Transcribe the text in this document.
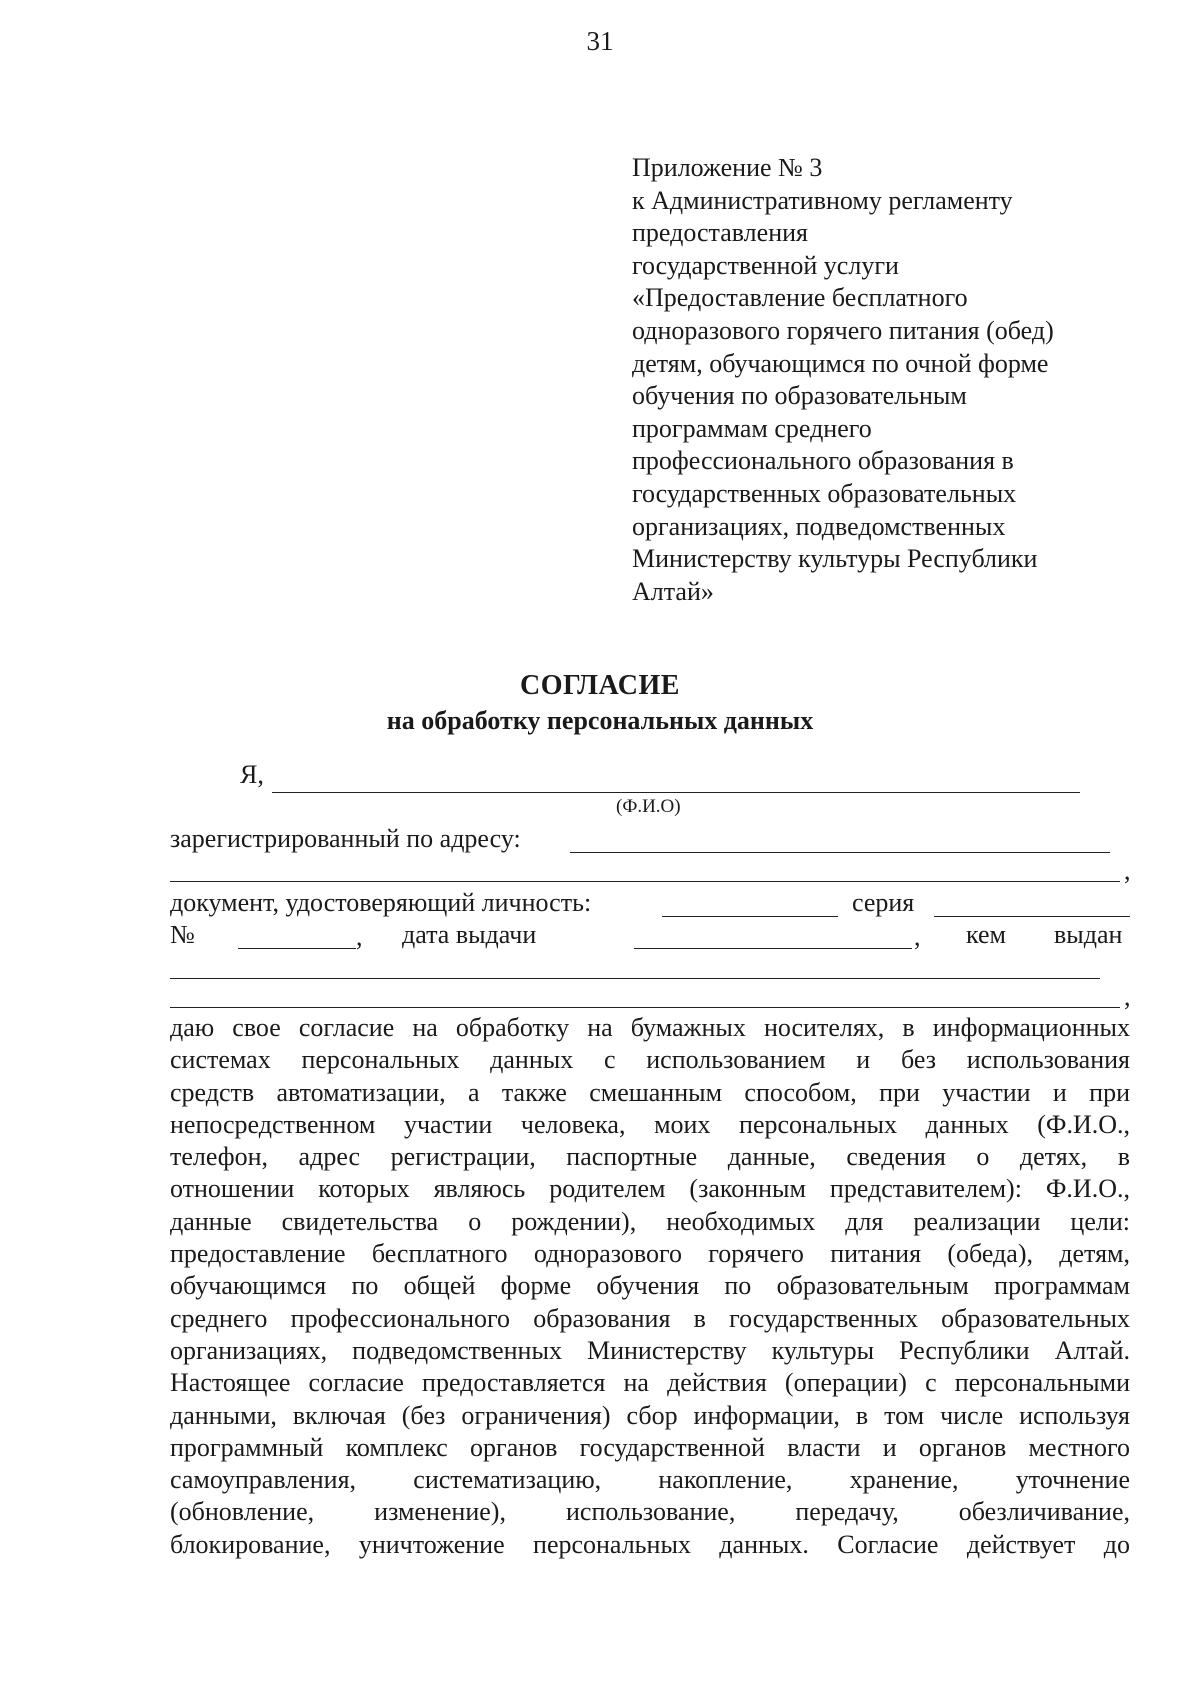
31
Приложение № 3
к Административному регламенту
предоставления
государственной услуги
«Предоставление бесплатного
одноразового горячего питания (обед)
детям, обучающимся по очной форме
обучения по образовательным
программам среднего
профессионального образования в
государственных образовательных
организациях, подведомственных
Министерству культуры Республики
Алтай»
СОГЛАСИЕ
на обработку персональных данных
Я,
(Ф.И.О)
зарегистрированный по адресу:
,
документ, удостоверяющий личность:	серия
№	, дата выдачи	, кем выдан
,
даю свое согласие на обработку на бумажных носителях, в информационных
системах персональных данных с использованием и без использования
средств автоматизации, а также смешанным способом, при участии и при
непосредственном участии человека, моих персональных данных (Ф.И.О.,
телефон, адрес регистрации, паспортные данные, сведения о детях, в
отношении которых являюсь родителем (законным представителем): Ф.И.О.,
данные свидетельства о рождении), необходимых для реализации цели:
предоставление бесплатного одноразового горячего питания (обеда), детям,
обучающимся по общей форме обучения по образовательным программам
среднего профессионального образования в государственных образовательных
организациях, подведомственных Министерству культуры Республики Алтай.
Настоящее согласие предоставляется на действия (операции) с персональными
данными, включая (без ограничения) сбор информации, в том числе используя
программный комплекс органов государственной власти и органов местного
самоуправления, систематизацию, накопление, хранение, уточнение
(обновление, изменение), использование, передачу, обезличивание,
блокирование, уничтожение персональных данных. Согласие действует до
